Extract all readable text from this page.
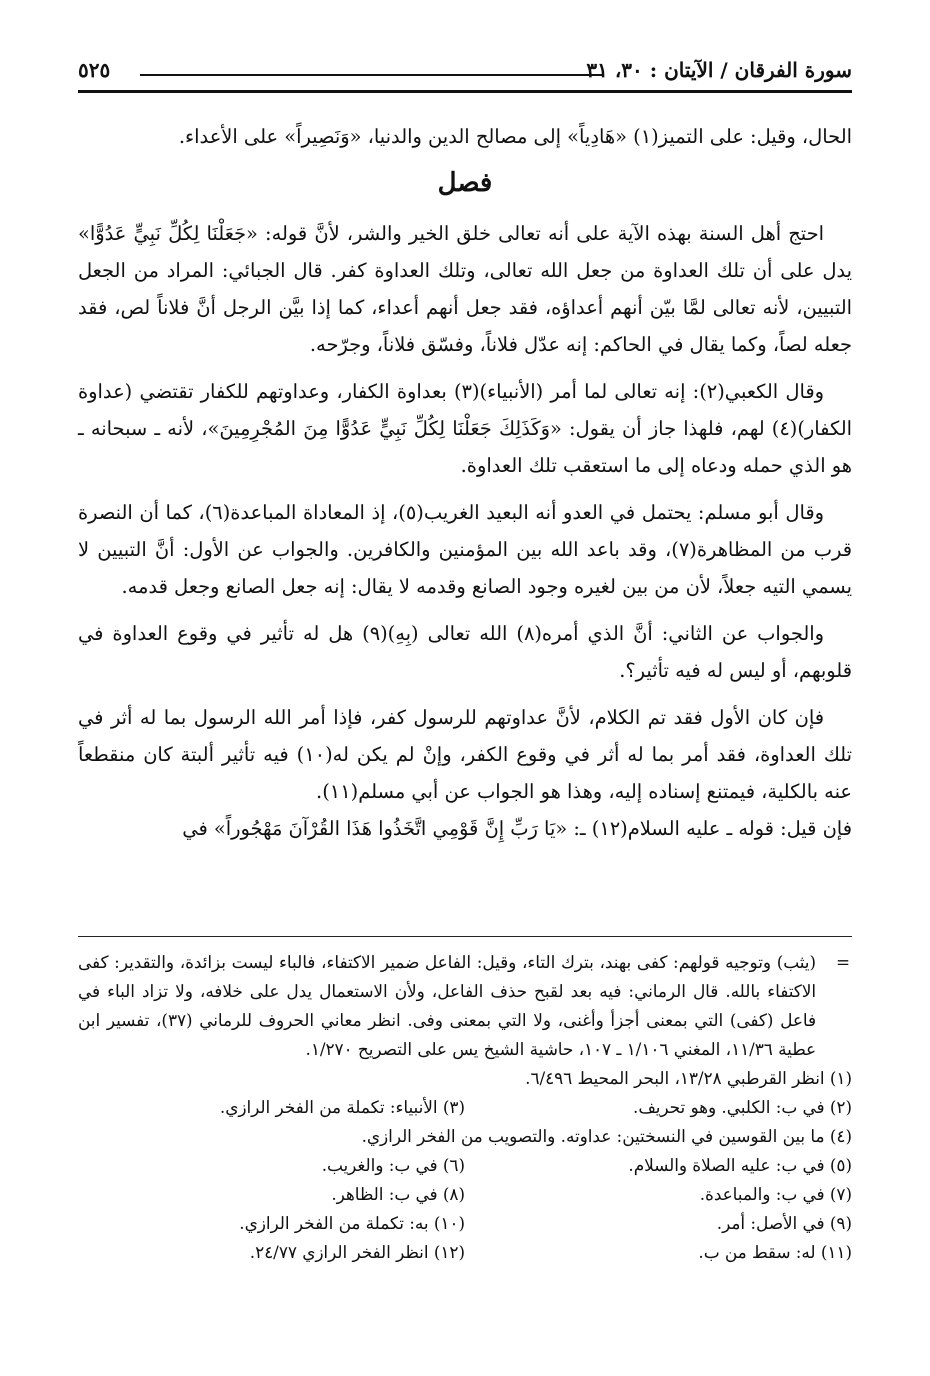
سورة الفرقان / الآيتان : ٣٠، ٣١
٥٢٥

الحال، وقيل: على التميز(١) «هَادِياً» إلى مصالح الدين والدنيا، «وَنَصِيراً» على الأعداء.

فصل

احتج أهل السنة بهذه الآية على أنه تعالى خلق الخير والشر، لأنَّ قوله: «جَعَلْنَا لِكُلِّ نَبِيٍّ عَدُوًّا» يدل على أن تلك العداوة من جعل الله تعالى، وتلك العداوة كفر. قال الجبائي: المراد من الجعل التبيين، لأنه تعالى لمَّا بيّن أنهم أعداؤه، فقد جعل أنهم أعداء، كما إذا بيَّن الرجل أنَّ فلاناً لص، فقد جعله لصاً، وكما يقال في الحاكم: إنه عدّل فلاناً، وفسّق فلاناً، وجرّحه.

وقال الكعبي(٢): إنه تعالى لما أمر (الأنبياء)(٣) بعداوة الكفار، وعداوتهم للكفار تقتضي (عداوة الكفار)(٤) لهم، فلهذا جاز أن يقول: «وَكَذَلِكَ جَعَلْنَا لِكُلِّ نَبِيٍّ عَدُوًّا مِنَ المُجْرِمِينَ»، لأنه ـ سبحانه ـ هو الذي حمله ودعاه إلى ما استعقب تلك العداوة.

وقال أبو مسلم: يحتمل في العدو أنه البعيد الغريب(٥)، إذ المعاداة المباعدة(٦)، كما أن النصرة قرب من المظاهرة(٧)، وقد باعد الله بين المؤمنين والكافرين. والجواب عن الأول: أنَّ التبيين لا يسمي التيه جعلاً، لأن من بين لغيره وجود الصانع وقدمه لا يقال: إنه جعل الصانع وجعل قدمه.

والجواب عن الثاني: أنَّ الذي أمره(٨) الله تعالى (بِهِ)(٩) هل له تأثير في وقوع العداوة في قلوبهم، أو ليس له فيه تأثير؟.

فإن كان الأول فقد تم الكلام، لأنَّ عداوتهم للرسول كفر، فإذا أمر الله الرسول بما له أثر في تلك العداوة، فقد أمر بما له أثر في وقوع الكفر، وإنْ لم يكن له(١٠) فيه تأثير ألبتة كان منقطعاً عنه بالكلية، فيمتنع إسناده إليه، وهذا هو الجواب عن أبي مسلم(١١).

فإن قيل: قوله ـ عليه السلام(١٢) ـ: «يَا رَبِّ إِنَّ قَوْمِي اتَّخَذُوا هَذَا القُرْآنَ مَهْجُوراً» في

=
(يثب) وتوجيه قولهم: كفى بهند، بترك التاء، وقيل: الفاعل ضمير الاكتفاء، فالباء ليست بزائدة، والتقدير: كفى الاكتفاء بالله. قال الرماني: فيه بعد لقبح حذف الفاعل، ولأن الاستعمال يدل على خلافه، ولا تزاد الباء في فاعل (كفى) التي بمعنى أجزأ وأغنى، ولا التي بمعنى وفى. انظر معاني الحروف للرماني (٣٧)، تفسير ابن عطية ١١/٣٦، المغني ١/١٠٦ ـ ١٠٧، حاشية الشيخ يس على التصريح ١/٢٧٠.

(١) انظر القرطبي ١٣/٢٨، البحر المحيط ٦/٤٩٦.
(٢) في ب: الكلبي. وهو تحريف.
(٣) الأنبياء: تكملة من الفخر الرازي.
(٤) ما بين القوسين في النسختين: عداوته. والتصويب من الفخر الرازي.
(٥) في ب: عليه الصلاة والسلام.
(٦) في ب: والغريب.
(٧) في ب: والمباعدة.
(٨) في ب: الظاهر.
(٩) في الأصل: أمر.
(١٠) به: تكملة من الفخر الرازي.
(١١) له: سقط من ب.
(١٢) انظر الفخر الرازي ٢٤/٧٧.
